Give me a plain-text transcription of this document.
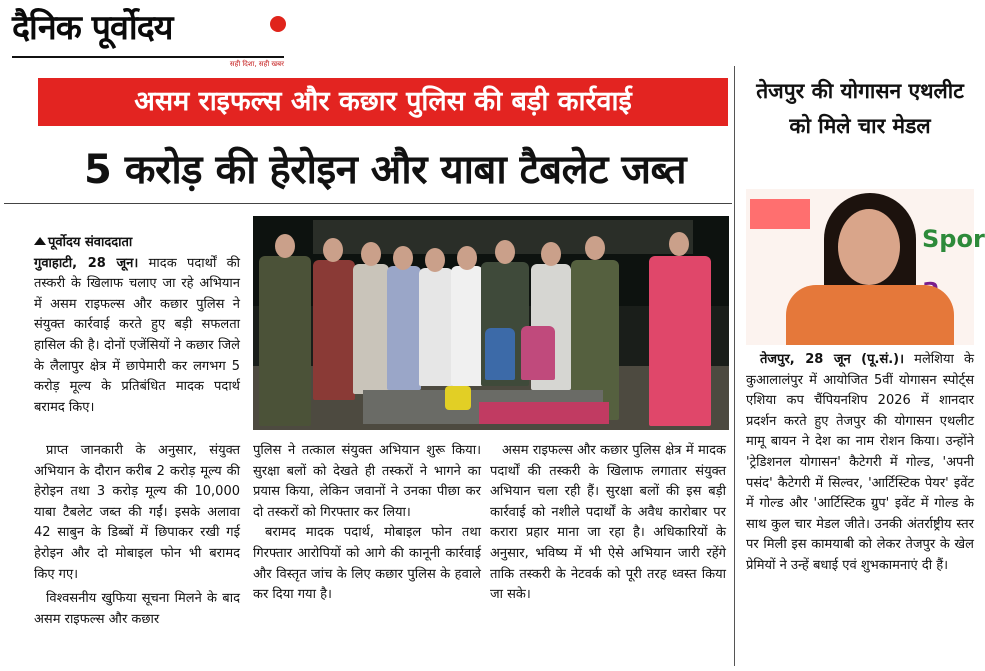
दैनिक पूर्वोदय
सही दिशा, सही खबर
असम राइफल्स और कछार पुलिस की बड़ी कार्रवाई
5 करोड़ की हेरोइन और याबा टैबलेट जब्त

पूर्वोदय संवाददाता

गुवाहाटी, 28 जून। मादक पदार्थों की तस्करी के खिलाफ चलाए जा रहे अभियान में असम राइफल्स और कछार पुलिस ने संयुक्त कार्रवाई करते हुए बड़ी सफलता हासिल की है। दोनों एजेंसियों ने कछार जिले के लैलापुर क्षेत्र में छापेमारी कर लगभग 5 करोड़ मूल्य के प्रतिबंधित मादक पदार्थ बरामद किए।

प्राप्त जानकारी के अनुसार, संयुक्त अभियान के दौरान करीब 2 करोड़ मूल्य की हेरोइन तथा 3 करोड़ मूल्य की 10,000 याबा टैबलेट जब्त की गईं। इसके अलावा 42 साबुन के डिब्बों में छिपाकर रखी गई हेरोइन और दो मोबाइल फोन भी बरामद किए गए।

विश्वसनीय खुफिया सूचना मिलने के बाद असम राइफल्स और कछार

पुलिस ने तत्काल संयुक्त अभियान शुरू किया। सुरक्षा बलों को देखते ही तस्करों ने भागने का प्रयास किया, लेकिन जवानों ने उनका पीछा कर दो तस्करों को गिरफ्तार कर लिया।

बरामद मादक पदार्थ, मोबाइल फोन तथा गिरफ्तार आरोपियों को आगे की कानूनी कार्रवाई और विस्तृत जांच के लिए कछार पुलिस के हवाले कर दिया गया है।

असम राइफल्स और कछार पुलिस क्षेत्र में मादक पदार्थों की तस्करी के खिलाफ लगातार संयुक्त अभियान चला रही हैं। सुरक्षा बलों की इस बड़ी कार्रवाई को नशीले पदार्थों के अवैध कारोबार पर करारा प्रहार माना जा रहा है। अधिकारियों के अनुसार, भविष्य में भी ऐसे अभियान जारी रहेंगे ताकि तस्करी के नेटवर्क को पूरी तरह ध्वस्त किया जा सके।

तेजपुर की योगासन एथलीट को मिले चार मेडल
Spor

तेजपुर, 28 जून (पू.सं.)। मलेशिया के कुआलालंपुर में आयोजित 5वीं योगासन स्पोर्ट्स एशिया कप चैंपियनशिप 2026 में शानदार प्रदर्शन करते हुए तेजपुर की योगासन एथलीट मामू बायन ने देश का नाम रोशन किया। उन्होंने 'ट्रेडिशनल योगासन' कैटेगरी में गोल्ड, 'अपनी पसंद' कैटेगरी में सिल्वर, 'आर्टिस्टिक पेयर' इवेंट में गोल्ड और 'आर्टिस्टिक ग्रुप' इवेंट में गोल्ड के साथ कुल चार मेडल जीते। उनकी अंतर्राष्ट्रीय स्तर पर मिली इस कामयाबी को लेकर तेजपुर के खेल प्रेमियों ने उन्हें बधाई एवं शुभकामनाएं दी हैं।
